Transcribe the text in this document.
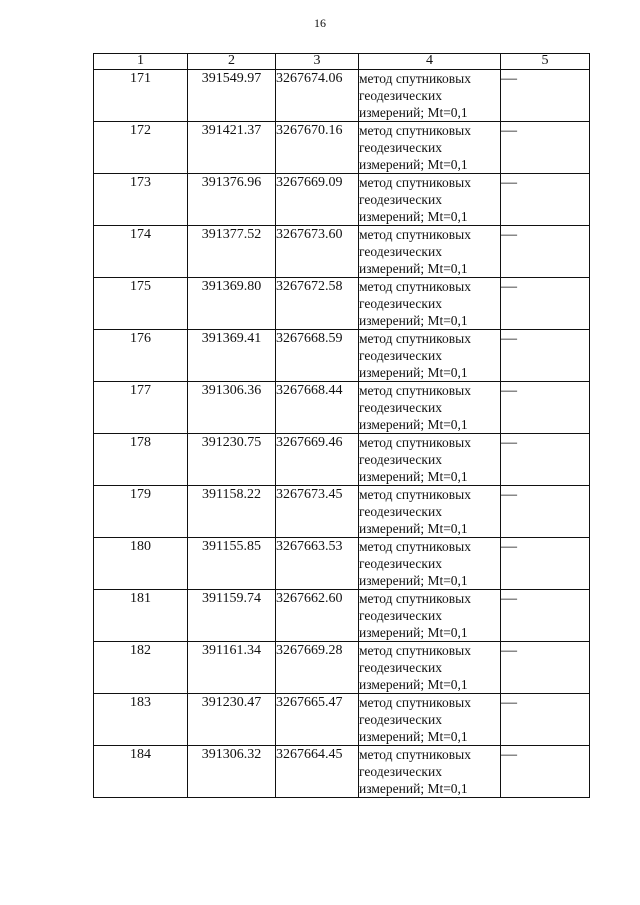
16
1	2	3	4	5
171	391549.97	3267674.06	метод спутниковых
геодезических
измерений; Mt=0,1	—
172	391421.37	3267670.16	метод спутниковых
геодезических
измерений; Mt=0,1	—
173	391376.96	3267669.09	метод спутниковых
геодезических
измерений; Mt=0,1	—
174	391377.52	3267673.60	метод спутниковых
геодезических
измерений; Mt=0,1	—
175	391369.80	3267672.58	метод спутниковых
геодезических
измерений; Mt=0,1	—
176	391369.41	3267668.59	метод спутниковых
геодезических
измерений; Mt=0,1	—
177	391306.36	3267668.44	метод спутниковых
геодезических
измерений; Mt=0,1	—
178	391230.75	3267669.46	метод спутниковых
геодезических
измерений; Mt=0,1	—
179	391158.22	3267673.45	метод спутниковых
геодезических
измерений; Mt=0,1	—
180	391155.85	3267663.53	метод спутниковых
геодезических
измерений; Mt=0,1	—
181	391159.74	3267662.60	метод спутниковых
геодезических
измерений; Mt=0,1	—
182	391161.34	3267669.28	метод спутниковых
геодезических
измерений; Mt=0,1	—
183	391230.47	3267665.47	метод спутниковых
геодезических
измерений; Mt=0,1	—
184	391306.32	3267664.45	метод спутниковых
геодезических
измерений; Mt=0,1	—
